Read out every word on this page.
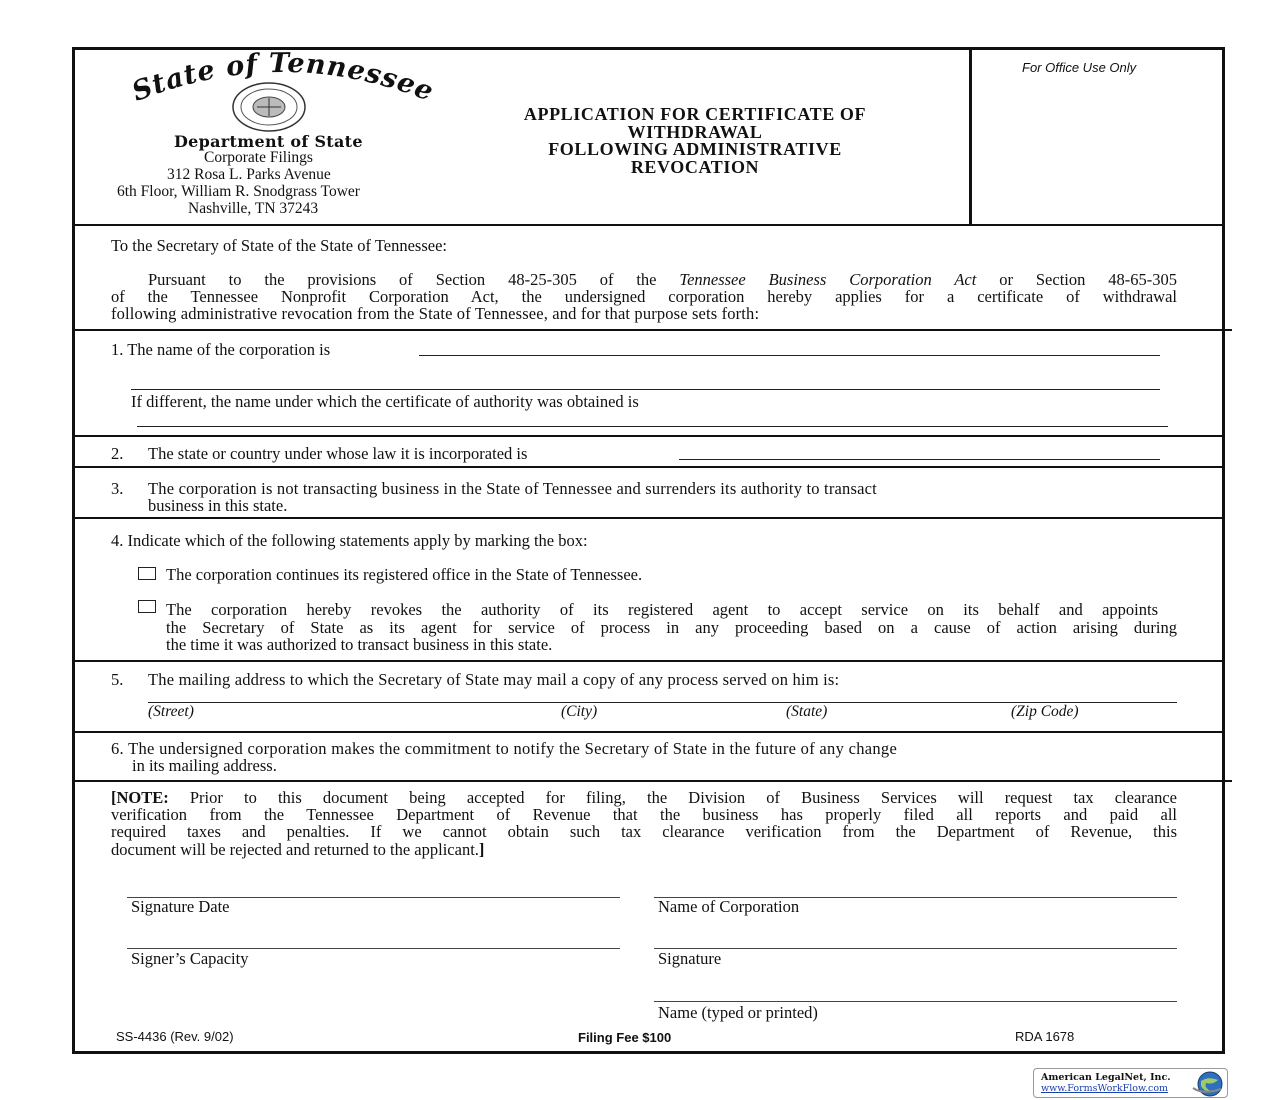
State of Tennessee
Department of State
Corporate Filings
312 Rosa L. Parks Avenue
6th Floor, William R. Snodgrass Tower
Nashville, TN 37243
APPLICATION FOR CERTIFICATE OF
WITHDRAWAL
FOLLOWING ADMINISTRATIVE
REVOCATION
For Office Use Only
To the Secretary of State of the State of Tennessee:
Pursuant to the provisions of Section 48-25-305 of the Tennessee Business Corporation Act or Section 48-65-305
of the Tennessee Nonprofit Corporation Act, the undersigned corporation hereby applies for a certificate of withdrawal
following administrative revocation from the State of Tennessee, and for that purpose sets forth:
1. The name of the corporation is
If different, the name under which the certificate of authority was obtained is
2. The state or country under whose law it is incorporated is
3. The corporation is not transacting business in the State of Tennessee and surrenders its authority to transact
business in this state.
4. Indicate which of the following statements apply by marking the box:
The corporation continues its registered office in the State of Tennessee.
The corporation hereby revokes the authority of its registered agent to accept service on its behalf and appoints
the Secretary of State as its agent for service of process in any proceeding based on a cause of action arising during
the time it was authorized to transact business in this state.
5. The mailing address to which the Secretary of State may mail a copy of any process served on him is:
(Street)	(City)	(State)	(Zip Code)
6. The undersigned corporation makes the commitment to notify the Secretary of State in the future of any change
in its mailing address.
[NOTE: Prior to this document being accepted for filing, the Division of Business Services will request tax clearance
verification from the Tennessee Department of Revenue that the business has properly filed all reports and paid all
required taxes and penalties. If we cannot obtain such tax clearance verification from the Department of Revenue, this
document will be rejected and returned to the applicant.]
Signature Date	Name of Corporation
Signer’s Capacity	Signature
Name (typed or printed)
SS-4436 (Rev. 9/02)	Filing Fee $100	RDA 1678
American LegalNet, Inc.
www.FormsWorkFlow.com
